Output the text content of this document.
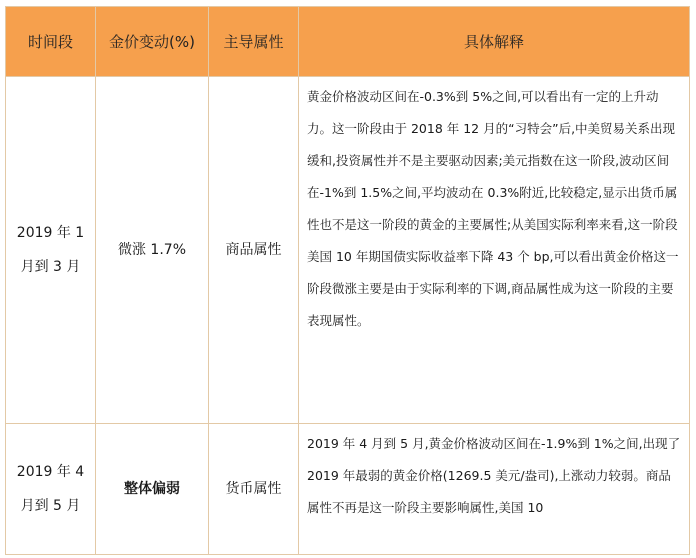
时间段	金价变动(%)	主导属性	具体解释
2019 年 1 月到 3 月	微涨 1.7%	商品属性	黄金价格波动区间在-0.3%到 5%之间,可以看出有一定的上升动力。这一阶段由于 2018 年 12 月的“习特会”后,中美贸易关系出现缓和,投资属性并不是主要驱动因素;美元指数在这一阶段,波动区间在-1%到 1.5%之间,平均波动在 0.3%附近,比较稳定,显示出货币属性也不是这一阶段的黄金的主要属性;从美国实际利率来看,这一阶段美国 10 年期国债实际收益率下降 43 个 bp,可以看出黄金价格这一阶段微涨主要是由于实际利率的下调,商品属性成为这一阶段的主要表现属性。
2019 年 4 月到 5 月	整体偏弱	货币属性	2019 年 4 月到 5 月,黄金价格波动区间在-1.9%到 1%之间,出现了 2019 年最弱的黄金价格(1269.5 美元/盎司),上涨动力较弱。商品属性不再是这一阶段主要影响属性,美国 10
